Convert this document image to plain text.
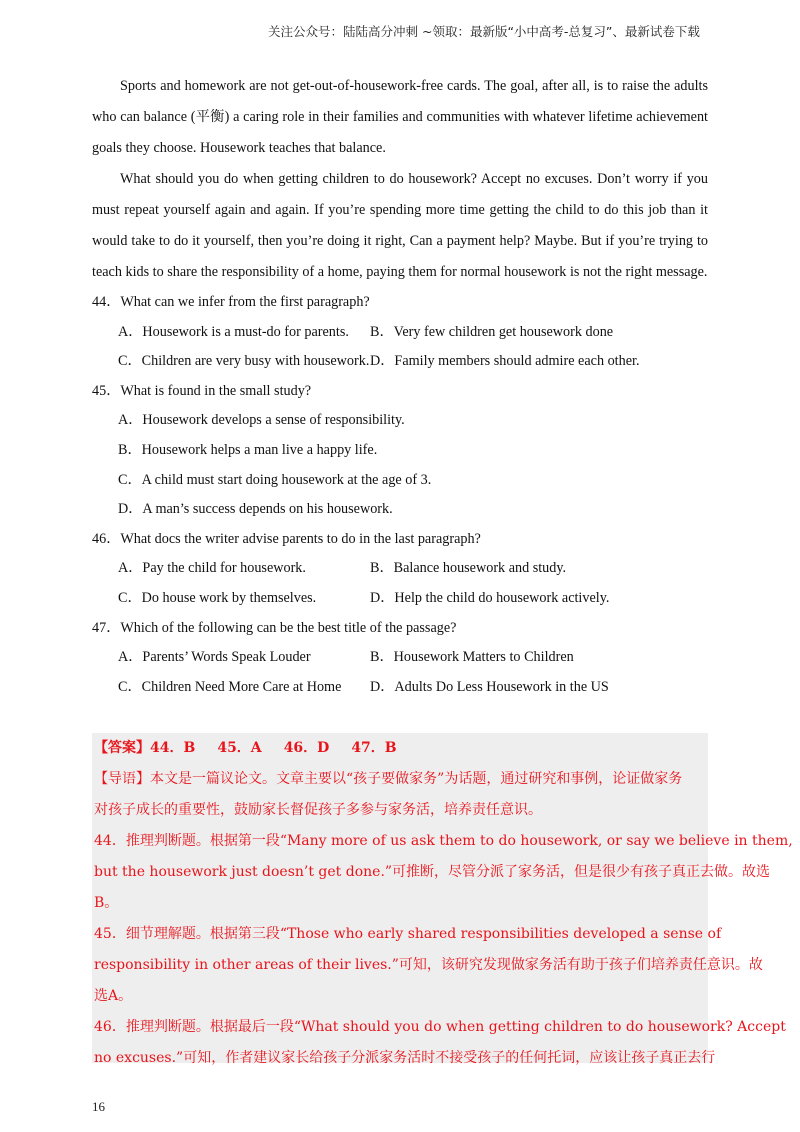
关注公众号：陆陆高分冲刺 ~领取：最新版“小中高考-总复习”、最新试卷下载

Sports and homework are not get-out-of-housework-free cards. The goal, after all, is to raise the adults who can balance (平衡) a caring role in their families and communities with whatever lifetime achievement goals they choose. Housework teaches that balance.

What should you do when getting children to do housework? Accept no excuses. Don’t worry if you must repeat yourself again and again. If you’re spending more time getting the child to do this job than it would take to do it yourself, then you’re doing it right, Can a payment help? Maybe. But if you’re trying to teach kids to share the responsibility of a home, paying them for normal housework is not the right message.

44．What can we infer from the first paragraph?
A．Housework is a must-do for parents.	B．Very few children get housework done
C．Children are very busy with housework. D．Family members should admire each other.
45．What is found in the small study?
A．Housework develops a sense of responsibility.
B．Housework helps a man live a happy life.
C．A child must start doing housework at the age of 3.
D．A man’s success depends on his housework.
46．What docs the writer advise parents to do in the last paragraph?
A．Pay the child for housework.	B．Balance housework and study.
C．Do house work by themselves.	D．Help the child do housework actively.
47．Which of the following can be the best title of the passage?
A．Parents’ Words Speak Louder	B．Housework Matters to Children
C．Children Need More Care at Home	D．Adults Do Less Housework in the US
【答案】44．B 45．A 46．D 47．B
【导语】本文是一篇议论文。文章主要以“孩子要做家务”为话题，通过研究和事例，论证做家务
对孩子成长的重要性，鼓励家长督促孩子多参与家务活，培养责任意识。
44．推理判断题。根据第一段“Many more of us ask them to do housework, or say we believe in them,
but the housework just doesn’t get done.”可推断，尽管分派了家务活，但是很少有孩子真正去做。故选
B。
45．细节理解题。根据第三段“Those who early shared responsibilities developed a sense of
responsibility in other areas of their lives.”可知，该研究发现做家务活有助于孩子们培养责任意识。故
选A。
46．推理判断题。根据最后一段“What should you do when getting children to do housework? Accept
no excuses.”可知，作者建议家长给孩子分派家务活时不接受孩子的任何托词，应该让孩子真正去行
16
